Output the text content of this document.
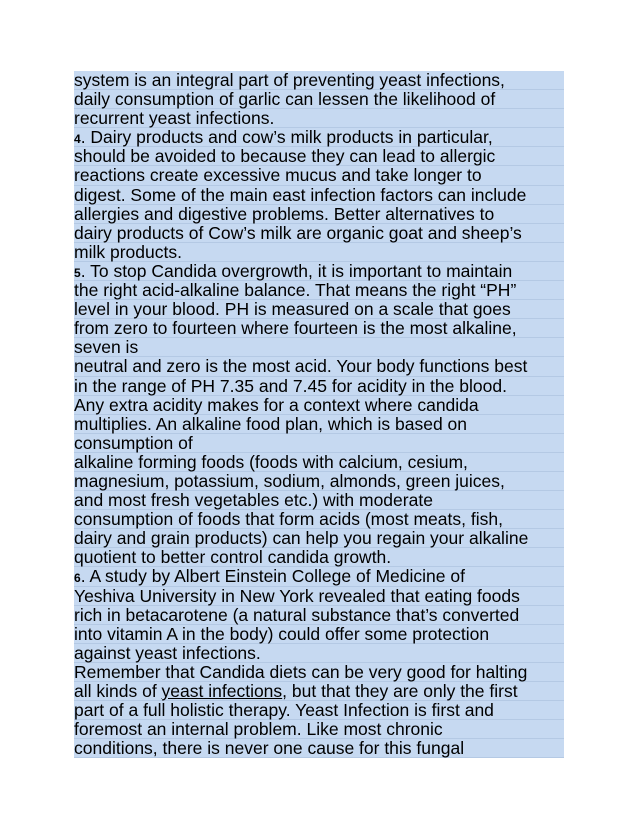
system is an integral part of preventing yeast infections,
daily consumption of garlic can lessen the likelihood of
recurrent yeast infections.
4. Dairy products and cow’s milk products in particular,
should be avoided to because they can lead to allergic
reactions create excessive mucus and take longer to
digest. Some of the main east infection factors can include
allergies and digestive problems. Better alternatives to
dairy products of Cow’s milk are organic goat and sheep’s
milk products.
5. To stop Candida overgrowth, it is important to maintain
the right acid-alkaline balance. That means the right “PH”
level in your blood. PH is measured on a scale that goes
from zero to fourteen where fourteen is the most alkaline,
seven is
neutral and zero is the most acid. Your body functions best
in the range of PH 7.35 and 7.45 for acidity in the blood.
Any extra acidity makes for a context where candida
multiplies. An alkaline food plan, which is based on
consumption of
alkaline forming foods (foods with calcium, cesium,
magnesium, potassium, sodium, almonds, green juices,
and most fresh vegetables etc.) with moderate
consumption of foods that form acids (most meats, fish,
dairy and grain products) can help you regain your alkaline
quotient to better control candida growth.
6. A study by Albert Einstein College of Medicine of
Yeshiva University in New York revealed that eating foods
rich in betacarotene (a natural substance that’s converted
into vitamin A in the body) could offer some protection
against yeast infections.
Remember that Candida diets can be very good for halting
all kinds of yeast infections, but that they are only the first
part of a full holistic therapy. Yeast Infection is first and
foremost an internal problem. Like most chronic
conditions, there is never one cause for this fungal
